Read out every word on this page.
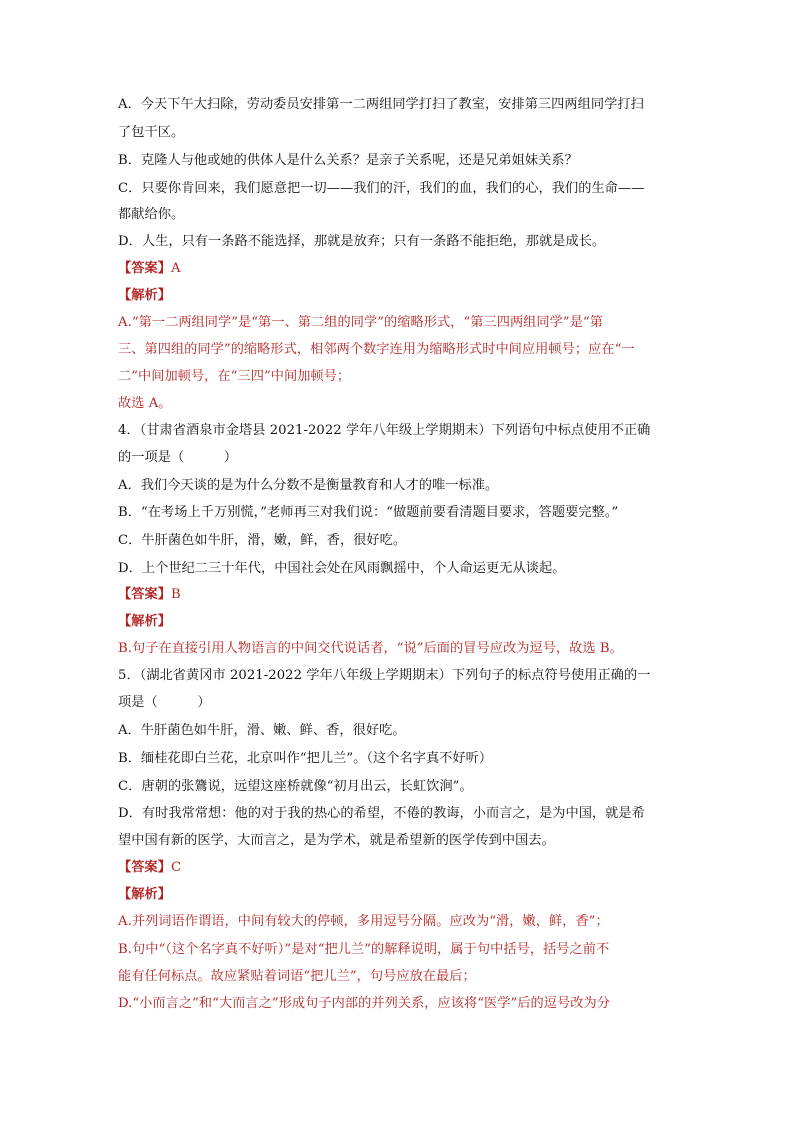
A．今天下午大扫除，劳动委员安排第一二两组同学打扫了教室，安排第三四两组同学打扫
了包干区。
B．克隆人与他或她的供体人是什么关系？是亲子关系呢，还是兄弟姐妹关系？
C．只要你肯回来，我们愿意把一切——我们的汗，我们的血，我们的心，我们的生命——
都献给你。
D．人生，只有一条路不能选择，那就是放弃；只有一条路不能拒绝，那就是成长。
【答案】A
【解析】
A.“第一二两组同学”是“第一、第二组的同学”的缩略形式，“第三四两组同学”是“第
三、第四组的同学”的缩略形式，相邻两个数字连用为缩略形式时中间应用顿号；应在“一
二”中间加顿号，在“三四”中间加顿号；
故选 A。
4．（甘肃省酒泉市金塔县 2021-2022 学年八年级上学期期末）下列语句中标点使用不正确
的一项是（　　　）
A．我们今天谈的是为什么分数不是衡量教育和人才的唯一标准。
B．“在考场上千万别慌，”老师再三对我们说：“做题前要看清题目要求，答题要完整。”
C．牛肝菌色如牛肝，滑，嫩，鲜，香，很好吃。
D．上个世纪二三十年代，中国社会处在风雨飘摇中，个人命运更无从谈起。
【答案】B
【解析】
B.句子在直接引用人物语言的中间交代说话者，“说”后面的冒号应改为逗号，故选 B。
5．（湖北省黄冈市 2021-2022 学年八年级上学期期末）下列句子的标点符号使用正确的一
项是（　　　）
A．牛肝菌色如牛肝，滑、嫩、鲜、香，很好吃。
B．缅桂花即白兰花，北京叫作“把儿兰”。（这个名字真不好听）
C．唐朝的张鷟说，远望这座桥就像“初月出云，长虹饮涧”。
D．有时我常常想：他的对于我的热心的希望，不倦的教诲，小而言之，是为中国，就是希
望中国有新的医学，大而言之，是为学术，就是希望新的医学传到中国去。
【答案】C
【解析】
A.并列词语作谓语，中间有较大的停顿，多用逗号分隔。应改为“滑，嫩，鲜，香”；
B.句中“（这个名字真不好听）”是对“把儿兰”的解释说明，属于句中括号，括号之前不
能有任何标点。故应紧贴着词语“把儿兰”，句号应放在最后；
D.“小而言之”和“大而言之”形成句子内部的并列关系，应该将“医学”后的逗号改为分
